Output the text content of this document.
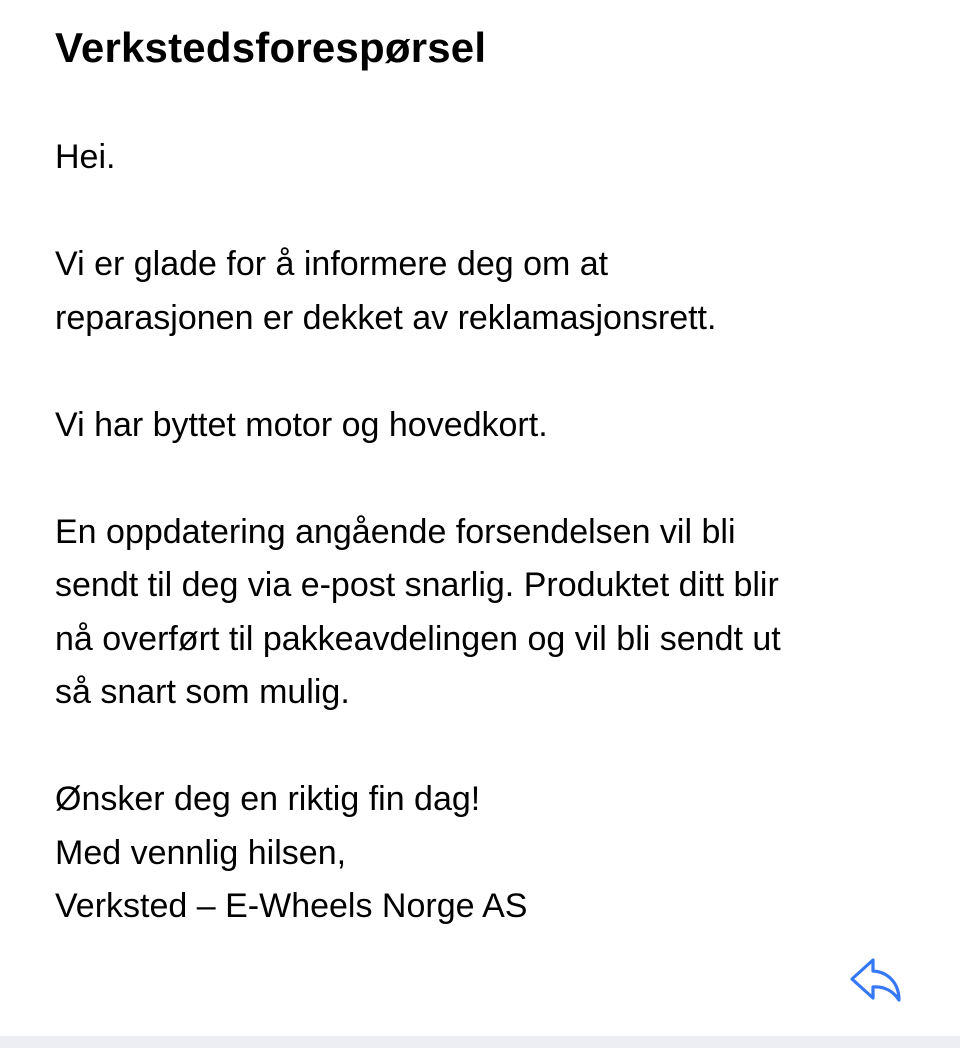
Verkstedsforespørsel

Hei.

Vi er glade for å informere deg om at
reparasjonen er dekket av reklamasjonsrett.

Vi har byttet motor og hovedkort.

En oppdatering angående forsendelsen vil bli
sendt til deg via e-post snarlig. Produktet ditt blir
nå overført til pakkeavdelingen og vil bli sendt ut
så snart som mulig.

Ønsker deg en riktig fin dag!
Med vennlig hilsen,
Verksted – E-Wheels Norge AS
